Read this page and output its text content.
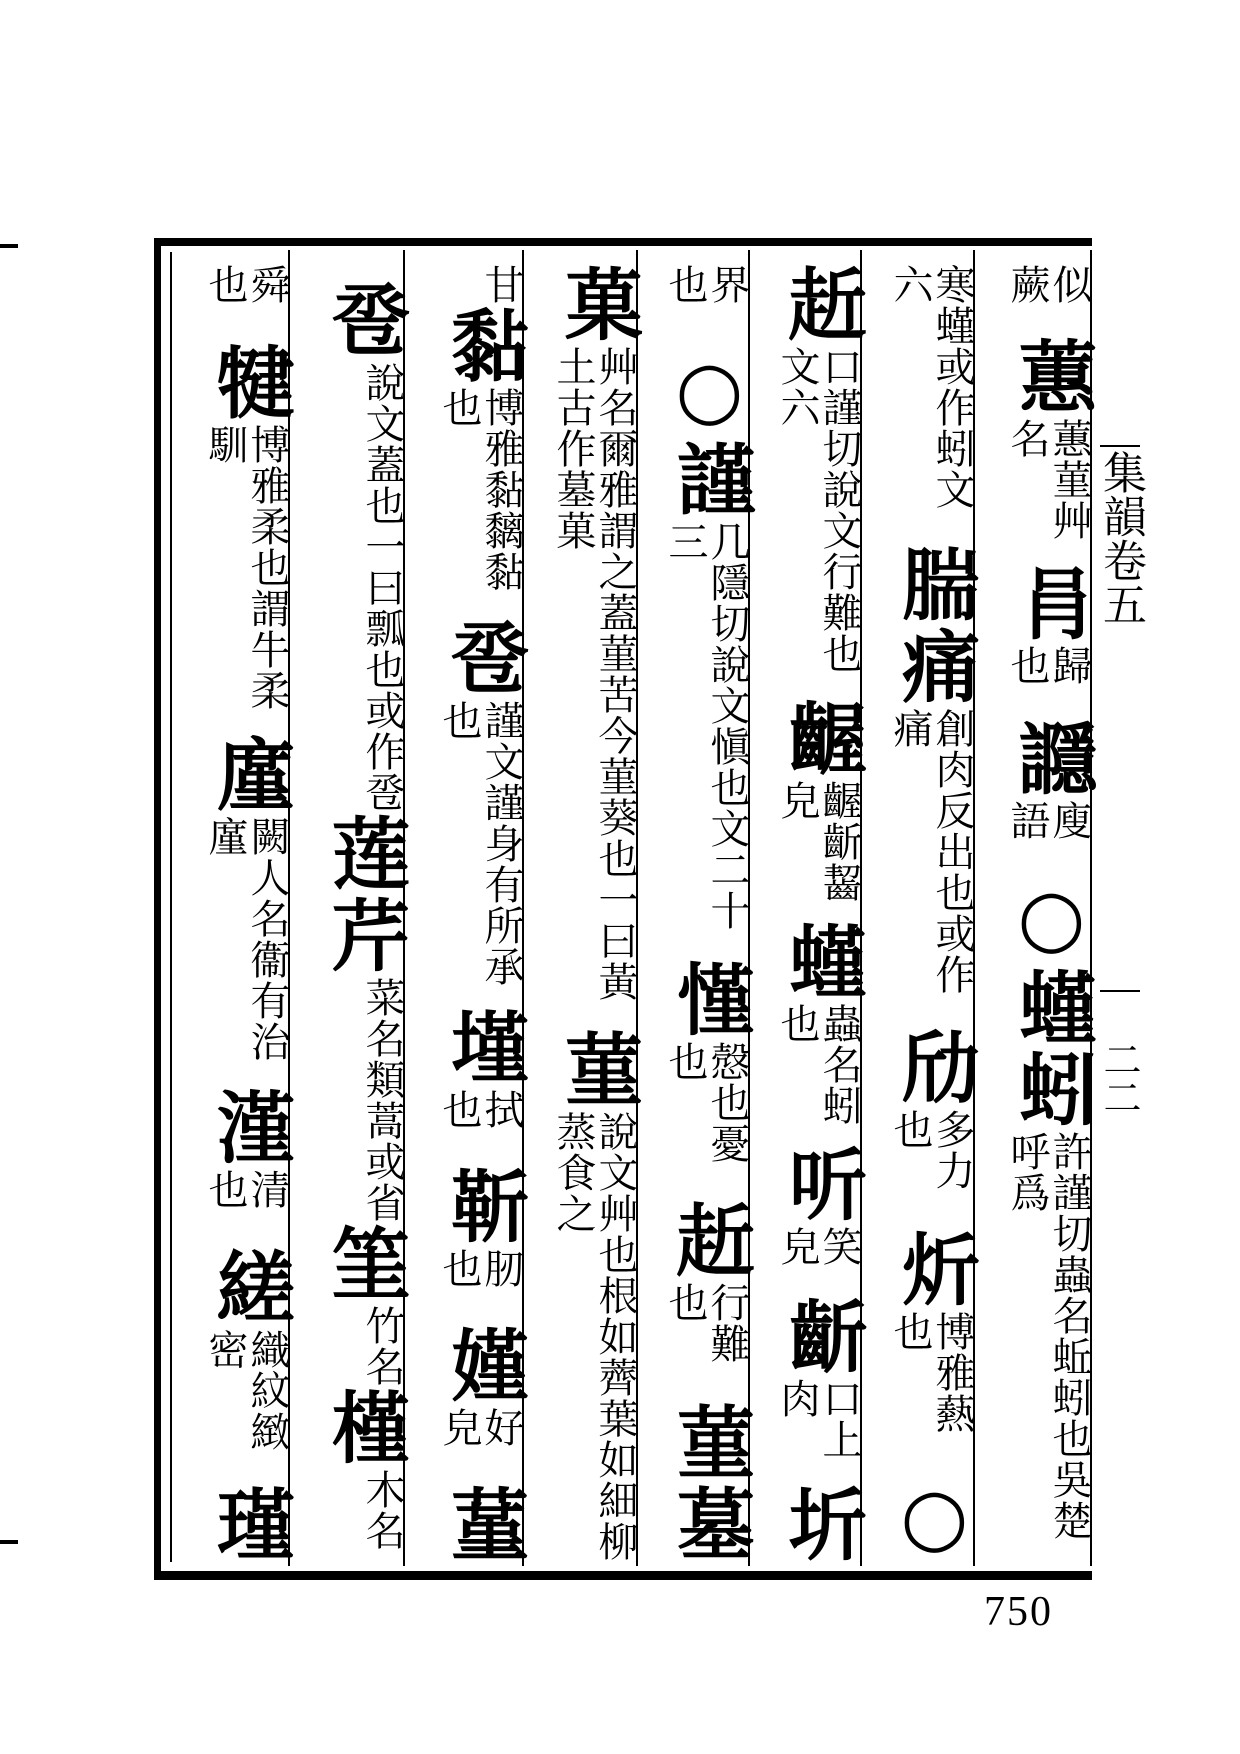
似蕨
蕙
蕙菫艸名
肙
歸也
讔
廋語
○
螼
蚓
許謹切蟲名蚯蚓也吳楚呼爲
寒螼或作蚓文六
腨
痛
創肉反出也或作痛
劤
多力也
炘
博雅爇也
○
赾
口謹切說文行難也文六
齷
齷齗齧皃
螼
蟲名蚓也
听
笑皃
齗
口上肉
圻
界也
○
謹
几隱切說文愼也文二十三
慬
慤也憂也
赾
行難也
菫
墓
菓
艸名爾雅謂之蓋菫苦今菫葵也一曰黃土古作墓菓
菫
說文艸也根如薺葉如細柳蒸食之
甘
黏
博雅黏黐黏也
卺
謹文謹身有所承也
墐
拭也
靳
肕也
嫤
好皃
蓳
卺
說文蓋也一曰瓢也或作卺
莲
芹
菜名類蒿或省
筀
竹名
槿
木名
舜也
犍
博雅柔也謂牛柔馴
廑
闕人名衞有治廑
漌
清也
縒
織紋緻密
瑾
集韻卷五
二二
750
